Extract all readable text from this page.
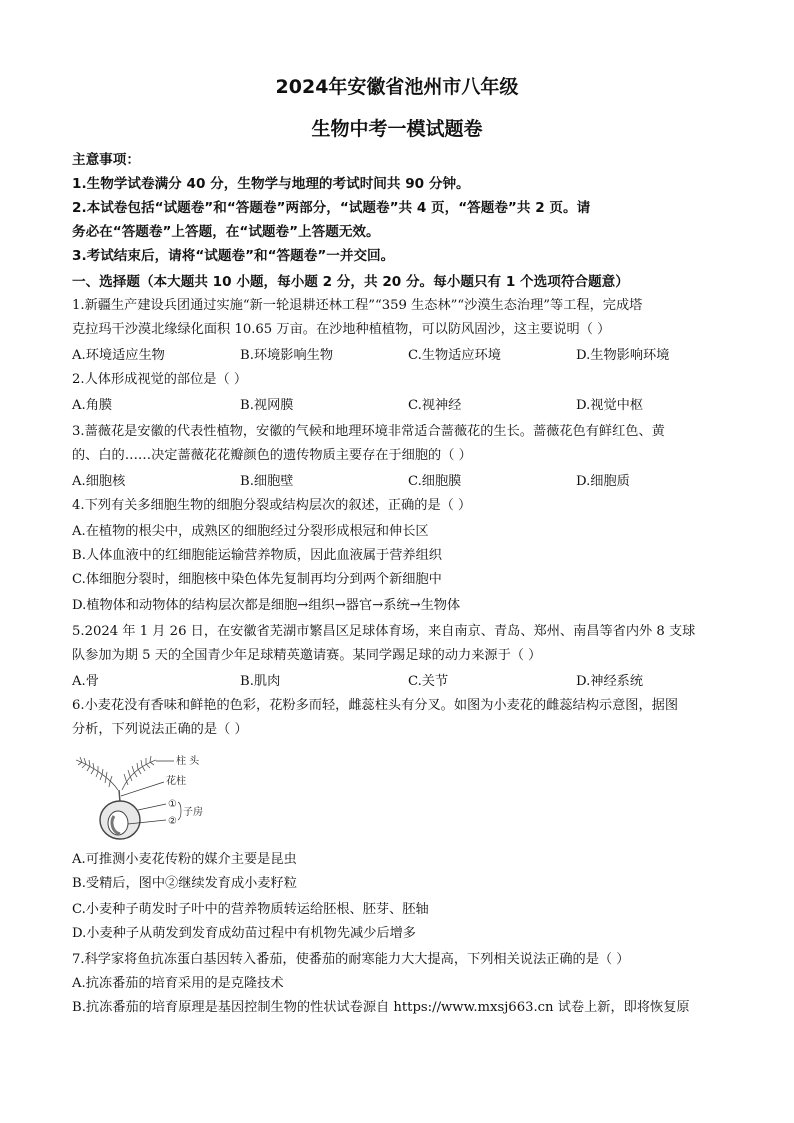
2024年安徽省池州市八年级
生物中考一模试题卷
主意事项：
1.生物学试卷满分 40 分，生物学与地理的考试时间共 90 分钟。
2.本试卷包括“试题卷”和“答题卷”两部分，“试题卷”共 4 页，“答题卷”共 2 页。请
务必在“答题卷”上答题，在“试题卷”上答题无效。
3.考试结束后，请将“试题卷”和“答题卷”一并交回。
一、选择题（本大题共 10 小题，每小题 2 分，共 20 分。每小题只有 1 个选项符合题意）
1.新疆生产建设兵团通过实施“新一轮退耕还林工程”“359 生态林”“沙漠生态治理”等工程，完成塔
克拉玛干沙漠北缘绿化面积 10.65 万亩。在沙地种植植物，可以防风固沙，这主要说明（ ）
A.环境适应生物	B.环境影响生物	C.生物适应环境	D.生物影响环境
2.人体形成视觉的部位是（ ）
A.角膜	B.视网膜	C.视神经	D.视觉中枢
3.蔷薇花是安徽的代表性植物，安徽的气候和地理环境非常适合蔷薇花的生长。蔷薇花色有鲜红色、黄
的、白的……决定蔷薇花花瓣颜色的遗传物质主要存在于细胞的（ ）
A.细胞核	B.细胞壁	C.细胞膜	D.细胞质
4.下列有关多细胞生物的细胞分裂或结构层次的叙述，正确的是（ ）
A.在植物的根尖中，成熟区的细胞经过分裂形成根冠和伸长区
B.人体血液中的红细胞能运输营养物质，因此血液属于营养组织
C.体细胞分裂时，细胞核中染色体先复制再均分到两个新细胞中
D.植物体和动物体的结构层次都是细胞→组织→器官→系统→生物体
5.2024 年 1 月 26 日，在安徽省芜湖市繁昌区足球体育场，来自南京、青岛、郑州、南昌等省内外 8 支球
队参加为期 5 天的全国青少年足球精英邀请赛。某同学踢足球的动力来源于（ ）
A.骨	B.肌肉	C.关节	D.神经系统
6.小麦花没有香味和鲜艳的色彩，花粉多而轻，雌蕊柱头有分叉。如图为小麦花的雌蕊结构示意图，据图
分析，下列说法正确的是（ ）
柱 头
花柱
①
②
子房
A.可推测小麦花传粉的媒介主要是昆虫
B.受精后，图中②继续发育成小麦籽粒
C.小麦种子萌发时子叶中的营养物质转运给胚根、胚芽、胚轴
D.小麦种子从萌发到发育成幼苗过程中有机物先减少后增多
7.科学家将鱼抗冻蛋白基因转入番茄，使番茄的耐寒能力大大提高，下列相关说法正确的是（ ）
A.抗冻番茄的培育采用的是克隆技术
B.抗冻番茄的培育原理是基因控制生物的性状试卷源自 https://www.mxsj663.cn 试卷上新，即将恢复原
